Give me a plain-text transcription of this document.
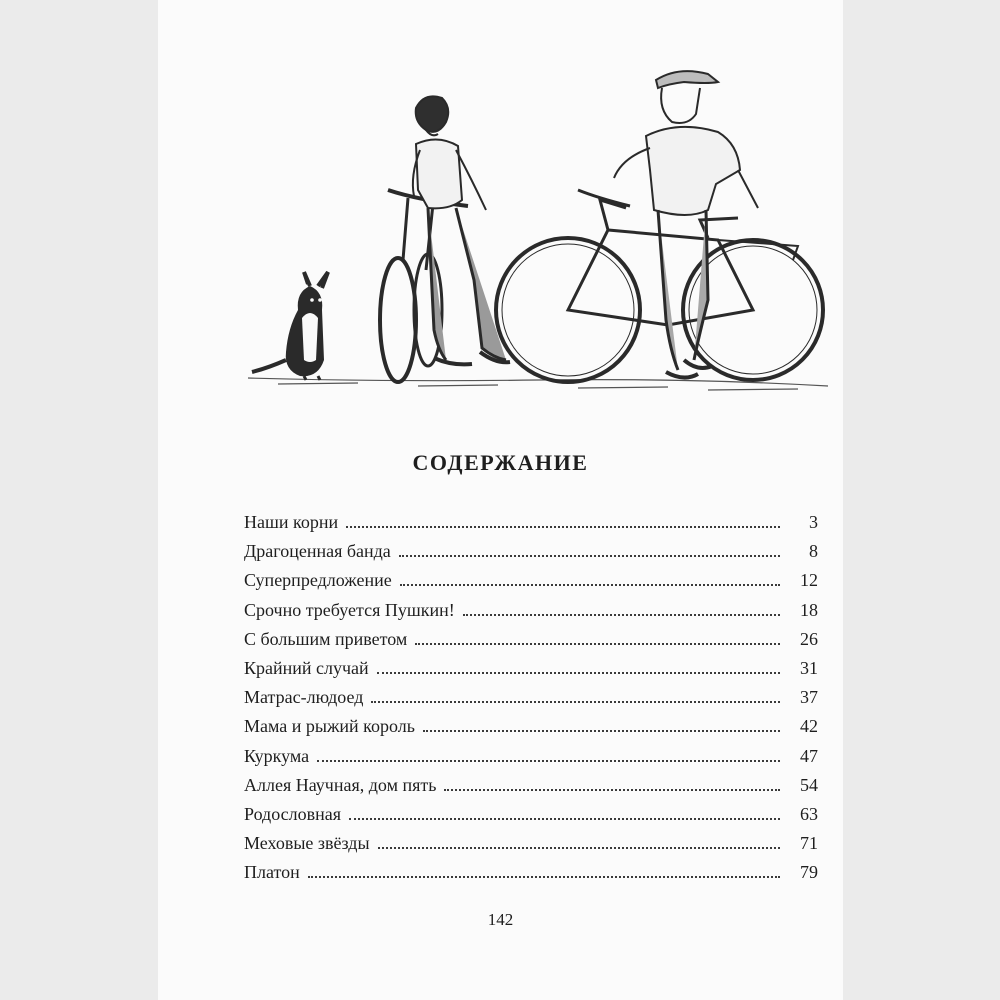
СОДЕРЖАНИЕ
Наши корни	3
Драгоценная банда	8
Суперпредложение	12
Срочно требуется Пушкин!	18
С большим приветом	26
Крайний случай	31
Матрас-людоед	37
Мама и рыжий король	42
Куркума	47
Аллея Научная, дом пять	54
Родословная	63
Меховые звёзды	71
Платон	79
142
